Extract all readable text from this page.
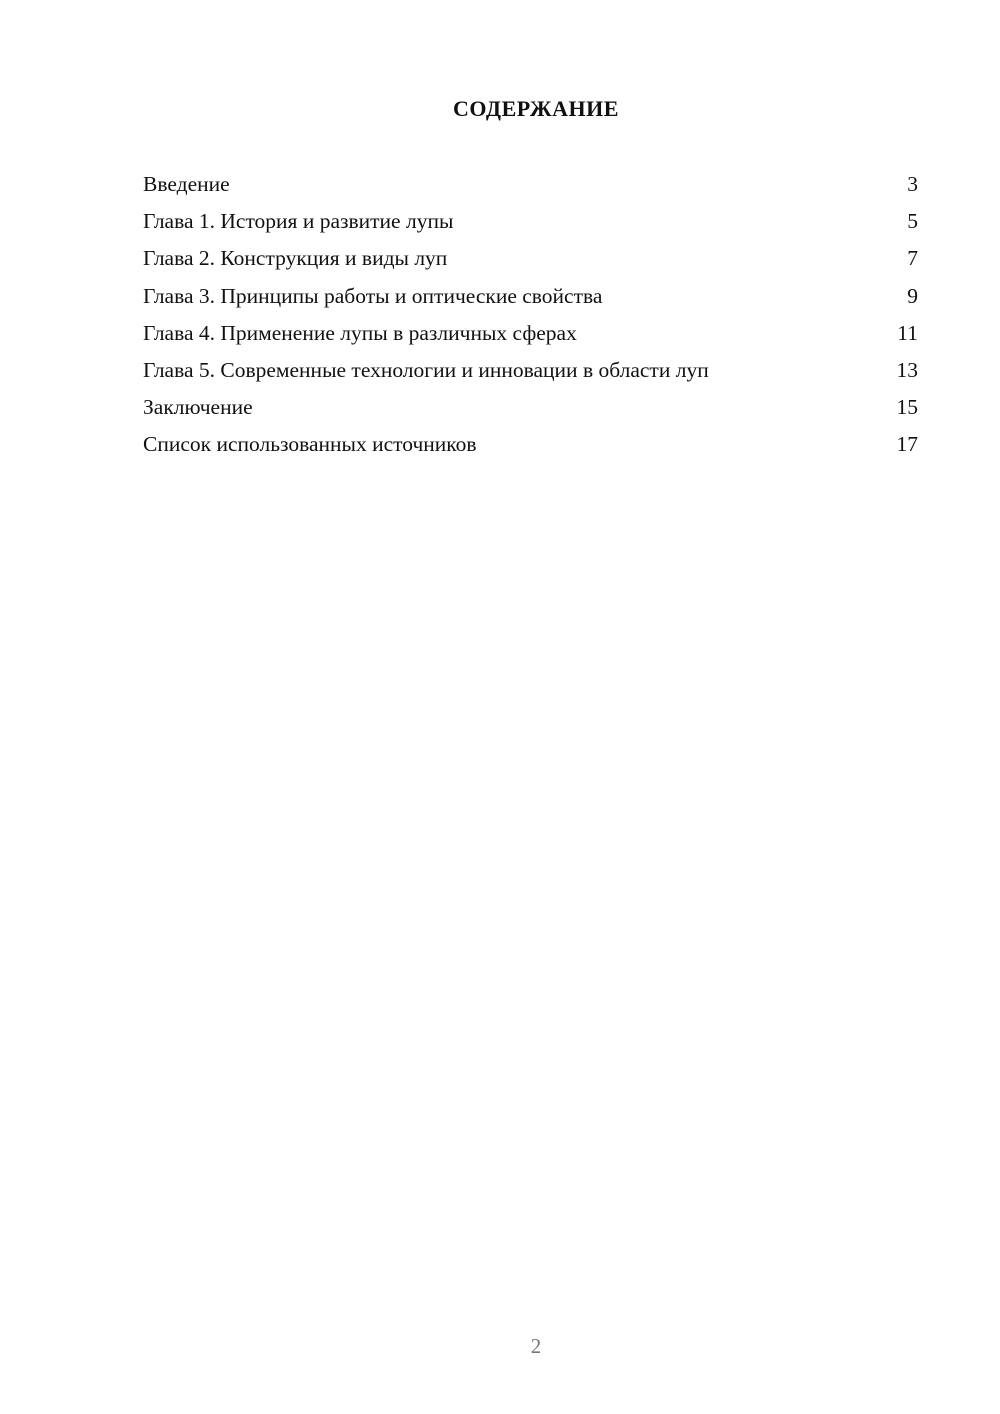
СОДЕРЖАНИЕ
Введение	3
Глава 1. История и развитие лупы	5
Глава 2. Конструкция и виды луп	7
Глава 3. Принципы работы и оптические свойства	9
Глава 4. Применение лупы в различных сферах	11
Глава 5. Современные технологии и инновации в области луп	13
Заключение	15
Список использованных источников	17
2
